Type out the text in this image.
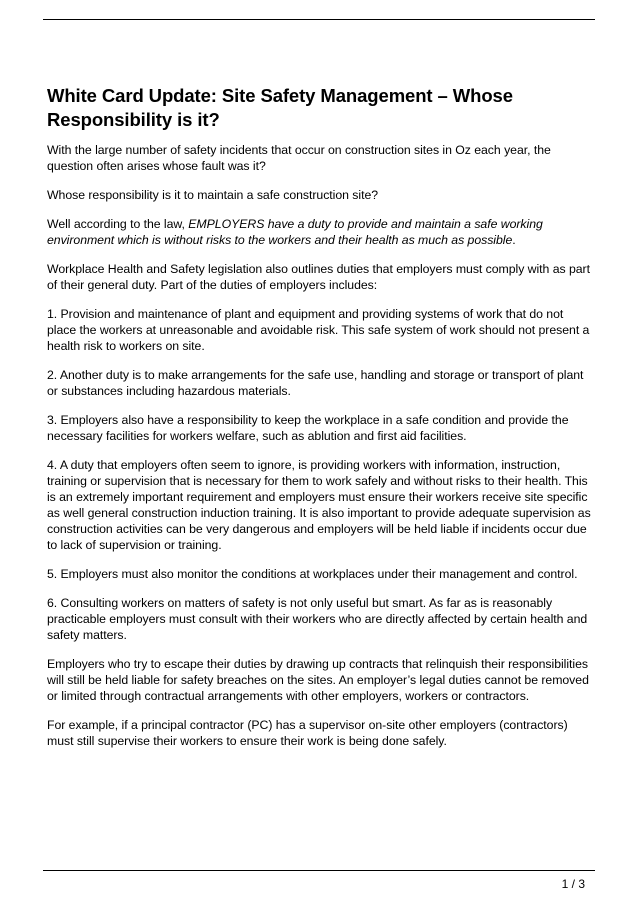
White Card Update: Site Safety Management – Whose Responsibility is it?

With the large number of safety incidents that occur on construction sites in Oz each year, the question often arises whose fault was it?

Whose responsibility is it to maintain a safe construction site?

Well according to the law, EMPLOYERS have a duty to provide and maintain a safe working environment which is without risks to the workers and their health as much as possible.

Workplace Health and Safety legislation also outlines duties that employers must comply with as part of their general duty. Part of the duties of employers includes:

1. Provision and maintenance of plant and equipment and providing systems of work that do not place the workers at unreasonable and avoidable risk. This safe system of work should not present a health risk to workers on site.

2. Another duty is to make arrangements for the safe use, handling and storage or transport of plant or substances including hazardous materials.

3. Employers also have a responsibility to keep the workplace in a safe condition and provide the necessary facilities for workers welfare, such as ablution and first aid facilities.

4. A duty that employers often seem to ignore, is providing workers with information, instruction, training or supervision that is necessary for them to work safely and without risks to their health. This is an extremely important requirement and employers must ensure their workers receive site specific as well general construction induction training. It is also important to provide adequate supervision as construction activities can be very dangerous and employers will be held liable if incidents occur due to lack of supervision or training.

5. Employers must also monitor the conditions at workplaces under their management and control.

6. Consulting workers on matters of safety is not only useful but smart. As far as is reasonably practicable employers must consult with their workers who are directly affected by certain health and safety matters.

Employers who try to escape their duties by drawing up contracts that relinquish their responsibilities will still be held liable for safety breaches on the sites. An employer’s legal duties cannot be removed or limited through contractual arrangements with other employers, workers or contractors.

For example, if a principal contractor (PC) has a supervisor on-site other employers (contractors) must still supervise their workers to ensure their work is being done safely.

1 / 3
